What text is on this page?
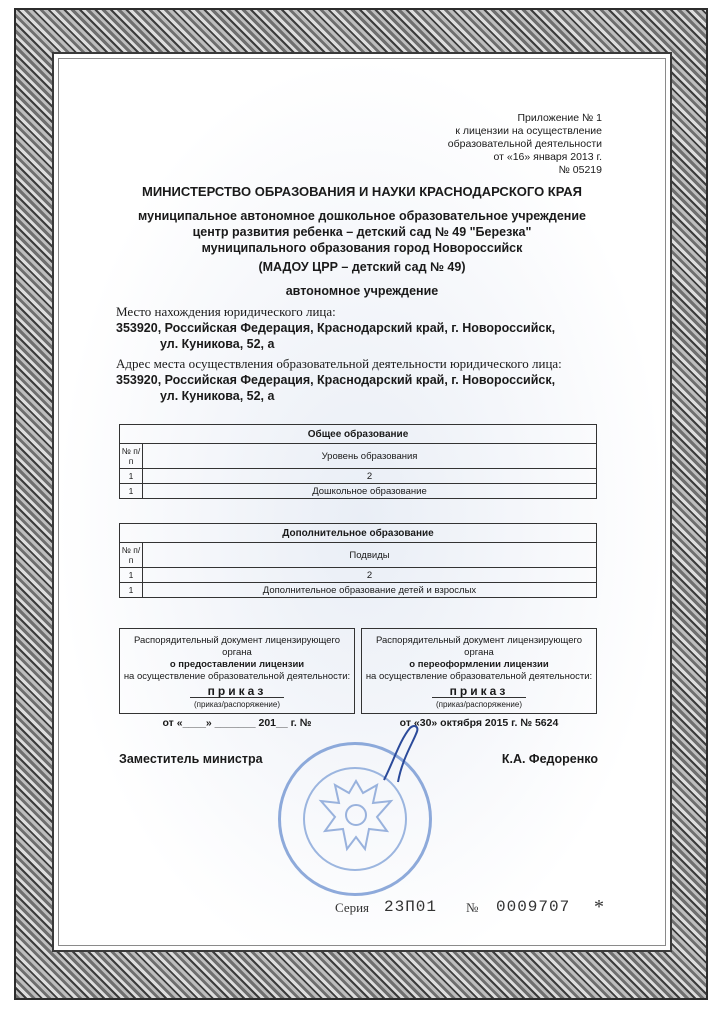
Приложение № 1
к лицензии на осуществление
образовательной деятельности
от «16» января 2013 г.
№ 05219
МИНИСТЕРСТВО ОБРАЗОВАНИЯ И НАУКИ КРАСНОДАРСКОГО КРАЯ
муниципальное автономное дошкольное образовательное учреждение
центр развития ребенка – детский сад № 49 "Березка"
муниципального образования город Новороссийск
(МАДОУ ЦРР – детский сад № 49)
автономное учреждение
Место нахождения юридического лица:
353920, Российская Федерация, Краснодарский край, г. Новороссийск,
ул. Куникова, 52, а
Адрес места осуществления образовательной деятельности юридического лица:
353920, Российская Федерация, Краснодарский край, г. Новороссийск,
ул. Куникова, 52, а
Общее образование	
№ п/п	Уровень образования
1	2
1	Дошкольное образование
Дополнительное образование	
№ п/п	Подвиды
1	2
1	Дополнительное образование детей и взрослых
Распорядительный документ лицензирующего органа
о предоставлении лицензии
на осуществление образовательной деятельности:
приказ
(приказ/распоряжение)
от «____» _______ 201__ г. №
Распорядительный документ лицензирующего органа
о переоформлении лицензии
на осуществление образовательной деятельности:
приказ
(приказ/распоряжение)
от «30» октября 2015 г. № 5624
Заместитель министра	К.А. Федоренко
Серия 23П01 № 0009707 *
